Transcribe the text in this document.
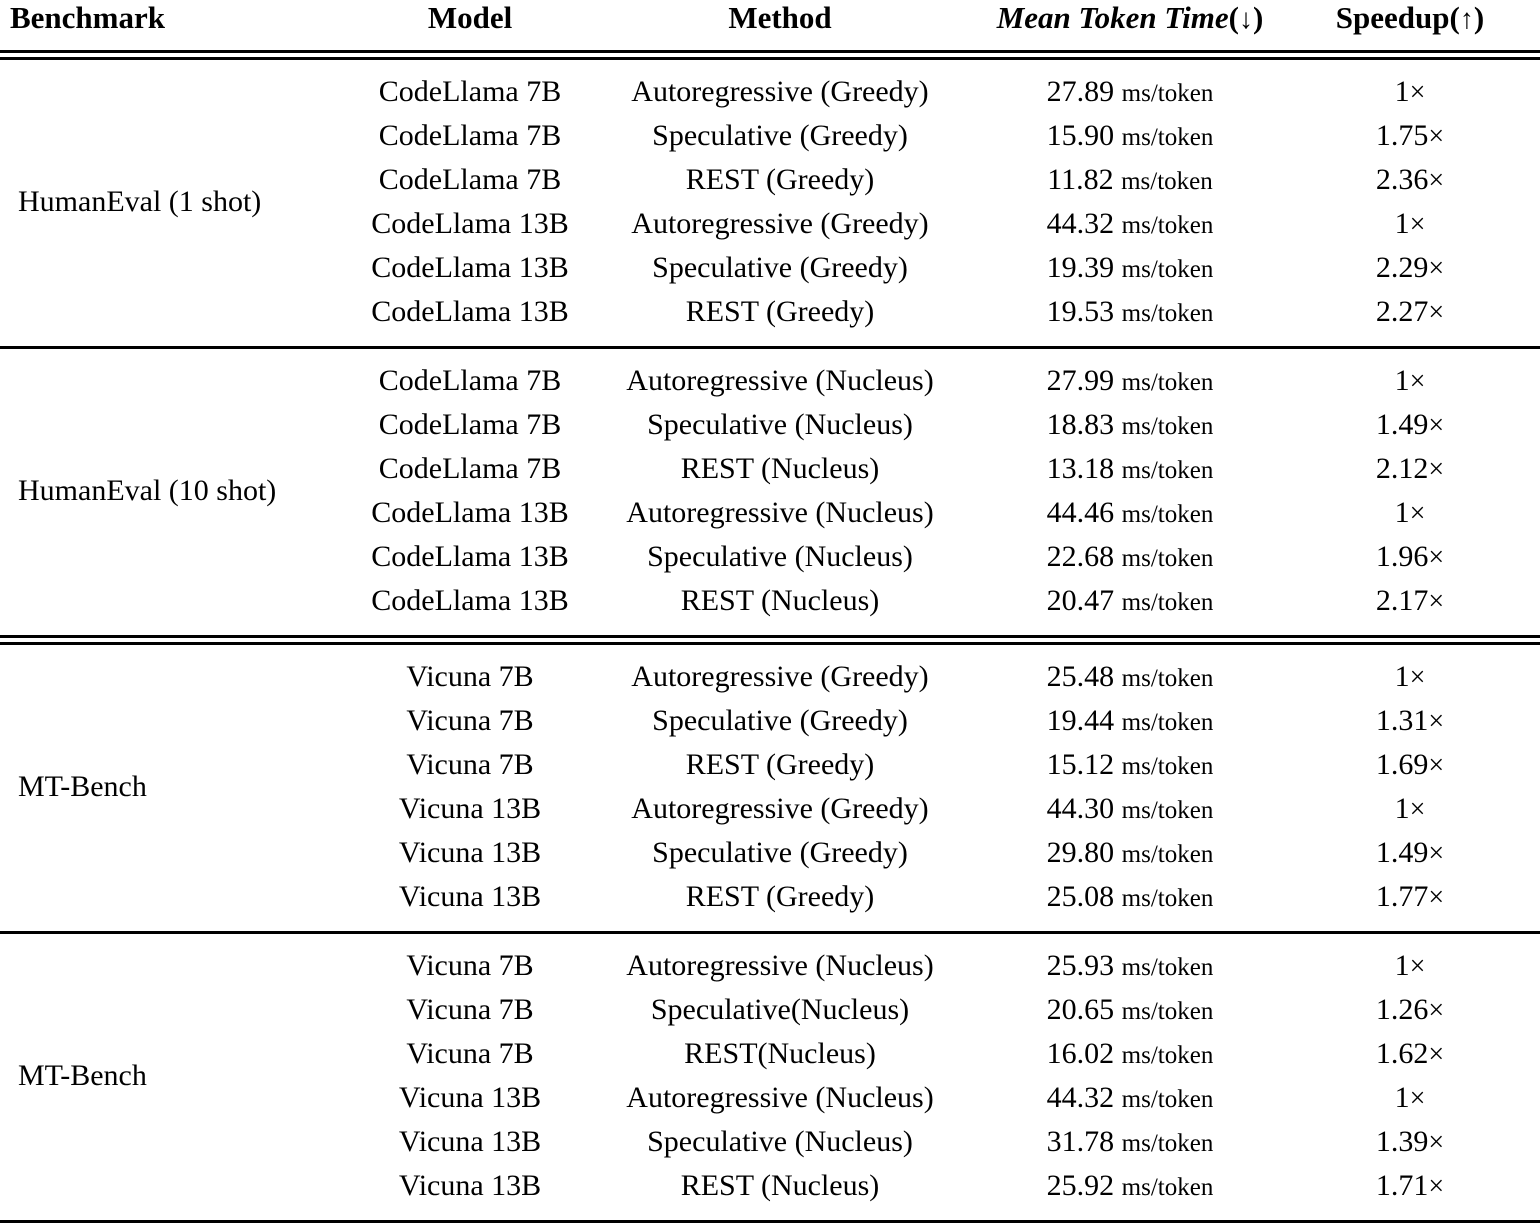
Benchmark	Model	Method	Mean Token Time(↓)	Speedup(↑)

HumanEval (1 shot)	CodeLlama 7B	Autoregressive (Greedy)	27.89 ms/token	1×
	CodeLlama 7B	Speculative (Greedy)	15.90 ms/token	1.75×
	CodeLlama 7B	REST (Greedy)	11.82 ms/token	2.36×
	CodeLlama 13B	Autoregressive (Greedy)	44.32 ms/token	1×
	CodeLlama 13B	Speculative (Greedy)	19.39 ms/token	2.29×
	CodeLlama 13B	REST (Greedy)	19.53 ms/token	2.27×

HumanEval (10 shot)	CodeLlama 7B	Autoregressive (Nucleus)	27.99 ms/token	1×
	CodeLlama 7B	Speculative (Nucleus)	18.83 ms/token	1.49×
	CodeLlama 7B	REST (Nucleus)	13.18 ms/token	2.12×
	CodeLlama 13B	Autoregressive (Nucleus)	44.46 ms/token	1×
	CodeLlama 13B	Speculative (Nucleus)	22.68 ms/token	1.96×
	CodeLlama 13B	REST (Nucleus)	20.47 ms/token	2.17×

MT-Bench	Vicuna 7B	Autoregressive (Greedy)	25.48 ms/token	1×
	Vicuna 7B	Speculative (Greedy)	19.44 ms/token	1.31×
	Vicuna 7B	REST (Greedy)	15.12 ms/token	1.69×
	Vicuna 13B	Autoregressive (Greedy)	44.30 ms/token	1×
	Vicuna 13B	Speculative (Greedy)	29.80 ms/token	1.49×
	Vicuna 13B	REST (Greedy)	25.08 ms/token	1.77×

MT-Bench	Vicuna 7B	Autoregressive (Nucleus)	25.93 ms/token	1×
	Vicuna 7B	Speculative(Nucleus)	20.65 ms/token	1.26×
	Vicuna 7B	REST(Nucleus)	16.02 ms/token	1.62×
	Vicuna 13B	Autoregressive (Nucleus)	44.32 ms/token	1×
	Vicuna 13B	Speculative (Nucleus)	31.78 ms/token	1.39×
	Vicuna 13B	REST (Nucleus)	25.92 ms/token	1.71×
